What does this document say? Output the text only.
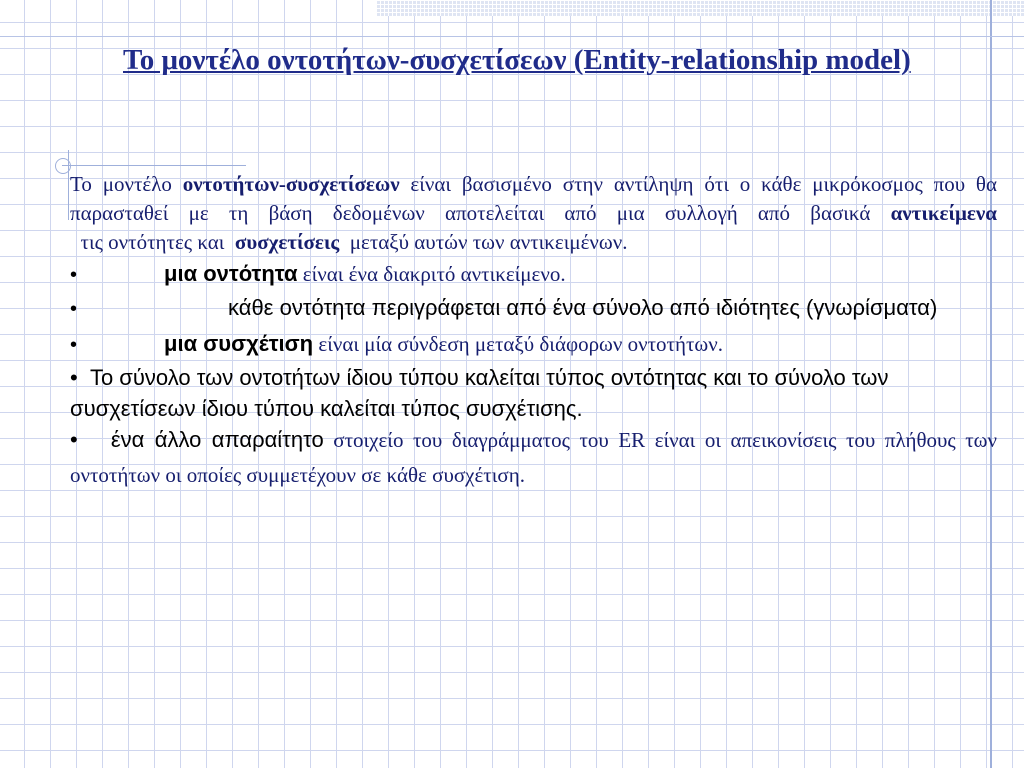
Το μοντέλο οντοτήτων-συσχετίσεων (Entity-relationship model)

Το μοντέλο οντοτήτων-συσχετίσεων είναι βασισμένο στην αντίληψη ότι ο κάθε μικρόκοσμος που θα παρασταθεί με τη βάση δεδομένων αποτελείται από μια συλλογή από βασικά αντικείμενα  τις οντότητες και  συσχετίσεις  μεταξύ αυτών των αντικειμένων.

•	μια οντότητα είναι ένα διακριτό αντικείμενο.

•	κάθε οντότητα περιγράφεται από ένα σύνολο από ιδιότητες (γνωρίσματα)

•	μια συσχέτιση είναι μία σύνδεση μεταξύ διάφορων οντοτήτων.

• Το σύνολο των οντοτήτων ίδιου τύπου καλείται τύπος οντότητας και το σύνολο των συσχετίσεων ίδιου τύπου καλείται τύπος συσχέτισης.

• ένα άλλο απαραίτητο στοιχείο του διαγράμματος του ER είναι οι απεικονίσεις του πλήθους των οντοτήτων οι οποίες συμμετέχουν σε κάθε συσχέτιση.
